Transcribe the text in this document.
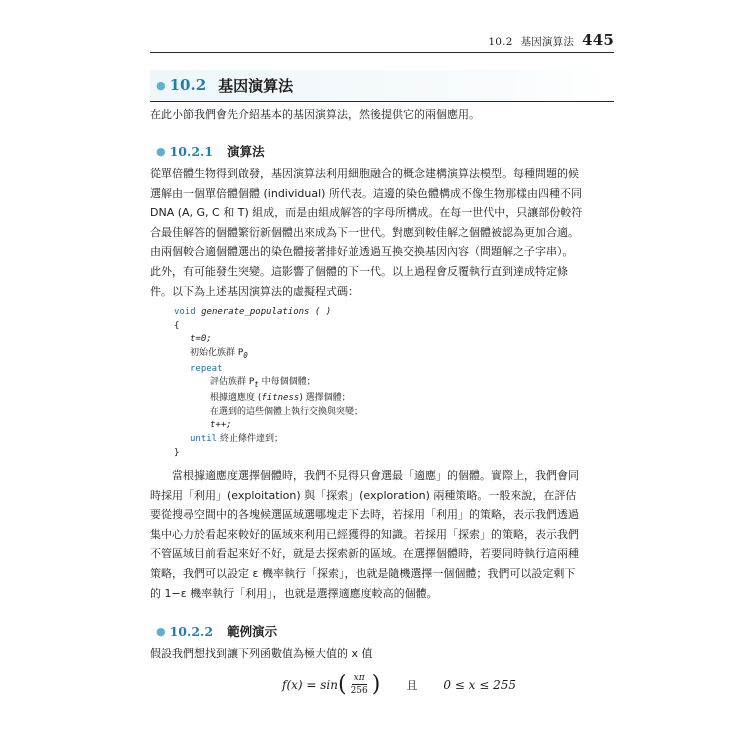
10.2 基因演算法 445
● 10.2 基因演算法

在此小節我們會先介紹基本的基因演算法，然後提供它的兩個應用。

● 10.2.1 演算法

從單倍體生物得到啟發，基因演算法利用細胞融合的概念建構演算法模型。每種問題的候
選解由一個單倍體個體 (individual) 所代表。這邊的染色體構成不像生物那樣由四種不同
DNA (A, G, C 和 T) 組成，而是由組成解答的字母所構成。在每一世代中，只讓部份較符
合最佳解答的個體繁衍新個體出來成為下一世代。對應到較佳解之個體被認為更加合適。
由兩個較合適個體選出的染色體接著排好並透過互換交換基因內容（問題解之子字串）。
此外，有可能發生突變。這影響了個體的下一代。以上過程會反覆執行直到達成特定條
件。以下為上述基因演算法的虛擬程式碼：

void generate_populations ( )
{
t=0;
初始化族群 $P_0$
repeat
評估族群 $P_t$ 中每個個體；
根據適應度 (fitness) 選擇個體；
在選到的這些個體上執行交換與突變；
t++;
until 終止條件達到；
}

當根據適應度選擇個體時，我們不見得只會選最「適應」的個體。實際上，我們會同
時採用「利用」(exploitation) 與「探索」(exploration) 兩種策略。一般來說，在評估
要從搜尋空間中的各塊候選區域選哪塊走下去時，若採用「利用」的策略，表示我們透過
集中心力於看起來較好的區域來利用已經獲得的知識。若採用「探索」的策略，表示我們
不管區域目前看起來好不好，就是去探索新的區域。在選擇個體時，若要同時執行這兩種
策略，我們可以設定 ε 機率執行「探索」，也就是隨機選擇一個個體；我們可以設定剩下
的 1−ε 機率執行「利用」，也就是選擇適應度較高的個體。

● 10.2.2 範例演示

假設我們想找到讓下列函數值為極大值的 x 值

f(x) = sin ( $\frac{x\pi}{256}$ ) 且 0 ≤ x ≤ 255
